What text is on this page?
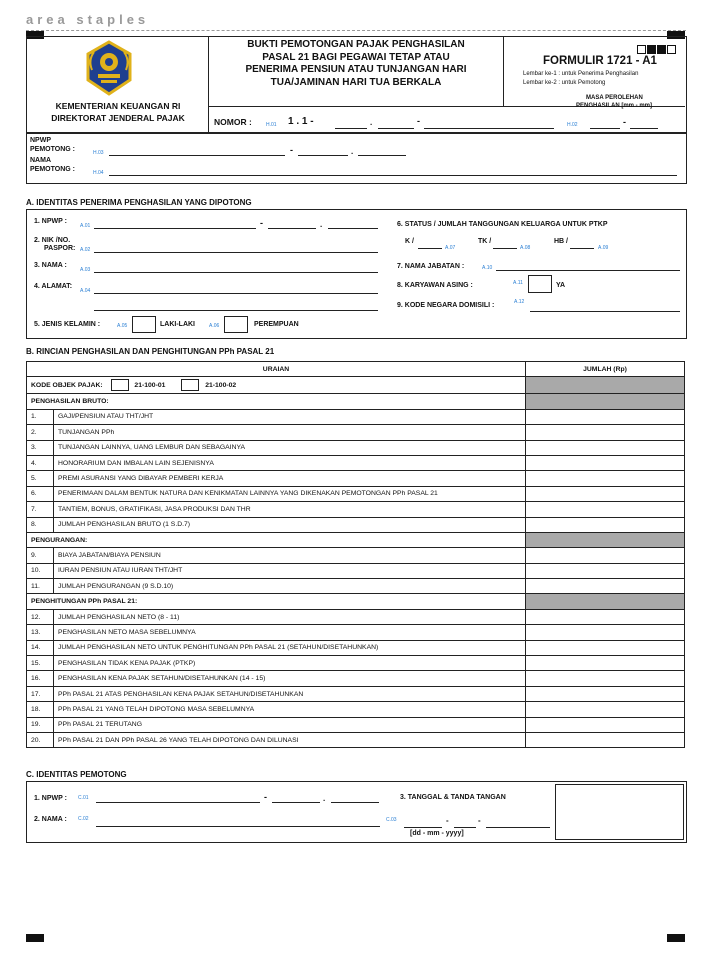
area staples
KEMENTERIAN KEUANGAN RI
DIREKTORAT JENDERAL PAJAK
BUKTI PEMOTONGAN PAJAK PENGHASILAN
PASAL 21 BAGI PEGAWAI TETAP ATAU
PENERIMA PENSIUN ATAU TUNJANGAN HARI
TUA/JAMINAN HARI TUA BERKALA
FORMULIR 1721 - A1
Lembar ke-1 : untuk Penerima Penghasilan
Lembar ke-2 : untuk Pemotong
NOMOR :	H.01 1 . 1 -	.	-
MASA PEROLEHAN
PENGHASILAN [mm - mm]
H.02	-
NPWP
PEMOTONG :	H.03	-	.
NAMA
PEMOTONG :	H.04
A. IDENTITAS PENERIMA PENGHASILAN YANG DIPOTONG
1. NPWP :
A.01	-	.
2. NIK /NO.
PASPOR: A.02
3. NAMA :
A.03
4. ALAMAT:
A.04
5. JENIS KELAMIN :	A.05	LAKI-LAKI	A.06	PEREMPUAN
6. STATUS / JUMLAH TANGGUNGAN KELUARGA UNTUK PTKP
K /
A.07
TK /
A.08
HB /
A.09
7. NAMA JABATAN :	A.10
8. KARYAWAN ASING :	A.11	YA
9. KODE NEGARA DOMISILI :	A.12
B. RINCIAN PENGHASILAN DAN PENGHITUNGAN PPh PASAL 21
URAIAN		JUMLAH (Rp)
KODE OBJEK PAJAK: 21-100-01 21-100-02		
PENGHASILAN BRUTO:		
1.	GAJI/PENSIUN ATAU THT/JHT	
2.	TUNJANGAN PPh	
3.	TUNJANGAN LAINNYA, UANG LEMBUR DAN SEBAGAINYA	
4.	HONORARIUM DAN IMBALAN LAIN SEJENISNYA	
5.	PREMI ASURANSI YANG DIBAYAR PEMBERI KERJA	
6.	PENERIMAAN DALAM BENTUK NATURA DAN KENIKMATAN LAINNYA YANG DIKENAKAN PEMOTONGAN PPh PASAL 21	
7.	TANTIEM, BONUS, GRATIFIKASI, JASA PRODUKSI DAN THR	
8.	JUMLAH PENGHASILAN BRUTO (1 S.D.7)	
PENGURANGAN:		
9.	BIAYA JABATAN/BIAYA PENSIUN	
10.	IURAN PENSIUN ATAU IURAN THT/JHT	
11.	JUMLAH PENGURANGAN (9 S.D.10)	
PENGHITUNGAN PPh PASAL 21:		
12.	JUMLAH PENGHASILAN NETO (8 - 11)	
13.	PENGHASILAN NETO MASA SEBELUMNYA	
14.	JUMLAH PENGHASILAN NETO UNTUK PENGHITUNGAN PPh PASAL 21 (SETAHUN/DISETAHUNKAN)	
15.	PENGHASILAN TIDAK KENA PAJAK (PTKP)	
16.	PENGHASILAN KENA PAJAK SETAHUN/DISETAHUNKAN (14 - 15)	
17.	PPh PASAL 21 ATAS PENGHASILAN KENA PAJAK SETAHUN/DISETAHUNKAN	
18.	PPh PASAL 21 YANG TELAH DIPOTONG MASA SEBELUMNYA	
19.	PPh PASAL 21 TERUTANG	
20.	PPh PASAL 21 DAN PPh PASAL 26 YANG TELAH DIPOTONG DAN DILUNASI	
C. IDENTITAS PEMOTONG
1. NPWP : C.01	-	.
2. NAMA : C.02
3. TANGGAL & TANDA TANGAN
C.03	-	-
[dd - mm - yyyy]
